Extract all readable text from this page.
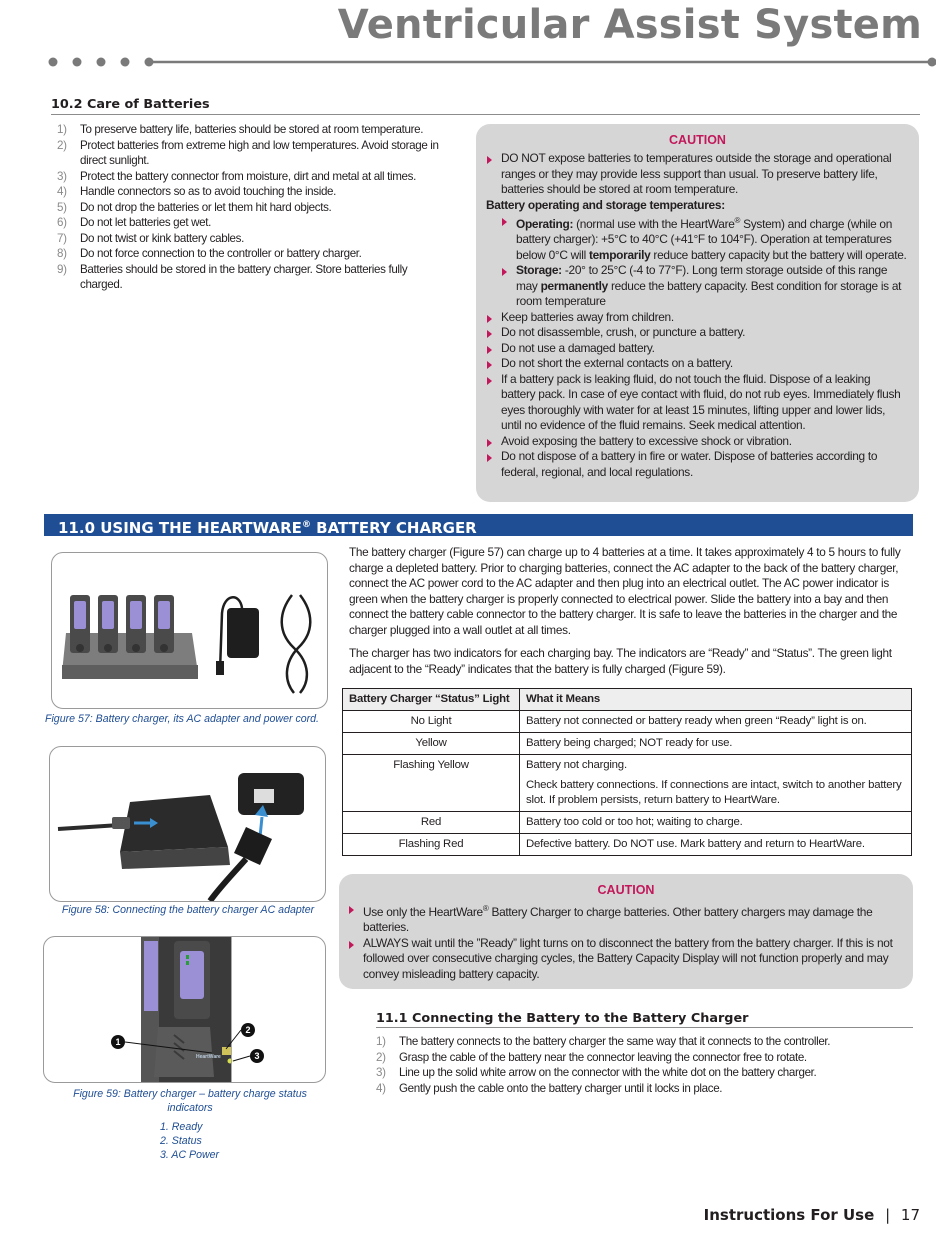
Ventricular Assist System
10.2 Care of Batteries
1) To preserve battery life, batteries should be stored at room temperature.
2) Protect batteries from extreme high and low temperatures. Avoid storage in direct sunlight.
3) Protect the battery connector from moisture, dirt and metal at all times.
4) Handle connectors so as to avoid touching the inside.
5) Do not drop the batteries or let them hit hard objects.
6) Do not let batteries get wet.
7) Do not twist or kink battery cables.
8) Do not force connection to the controller or battery charger.
9) Batteries should be stored in the battery charger. Store batteries fully charged.
CAUTION
DO NOT expose batteries to temperatures outside the storage and operational ranges or they may provide less support than usual. To preserve battery life, batteries should be stored at room temperature.
Battery operating and storage temperatures:
Operating: (normal use with the HeartWare® System) and charge (while on battery charger): +5°C to 40°C (+41°F to 104°F). Operation at temperatures below 0°C will temporarily reduce battery capacity but the battery will operate.
Storage: -20° to 25°C (-4 to 77°F). Long term storage outside of this range may permanently reduce the battery capacity. Best condition for storage is at room temperature
Keep batteries away from children.
Do not disassemble, crush, or puncture a battery.
Do not use a damaged battery.
Do not short the external contacts on a battery.
If a battery pack is leaking fluid, do not touch the fluid. Dispose of a leaking battery pack. In case of eye contact with fluid, do not rub eyes. Immediately flush eyes thoroughly with water for at least 15 minutes, lifting upper and lower lids, until no evidence of the fluid remains. Seek medical attention.
Avoid exposing the battery to excessive shock or vibration.
Do not dispose of a battery in fire or water. Dispose of batteries according to federal, regional, and local regulations.
11.0 USING THE HEARTWARE® BATTERY CHARGER
Figure 57: Battery charger, its AC adapter and power cord.
Figure 58: Connecting the battery charger AC adapter
1
2
3
HeartWare
Figure 59: Battery charger – battery charge status indicators
1. Ready
2. Status
3. AC Power
The battery charger (Figure 57) can charge up to 4 batteries at a time. It takes approximately 4 to 5 hours to fully charge a depleted battery. Prior to charging batteries, connect the AC adapter to the back of the battery charger, connect the AC power cord to the AC adapter and then plug into an electrical outlet. The AC power indicator is green when the battery charger is properly connected to electrical power. Slide the battery into a bay and then connect the battery cable connector to the battery charger. It is safe to leave the batteries in the charger and the charger plugged into a wall outlet at all times.
The charger has two indicators for each charging bay. The indicators are “Ready” and “Status”. The green light adjacent to the “Ready” indicates that the battery is fully charged (Figure 59).
Battery Charger “Status” Light	What it Means
No Light	Battery not connected or battery ready when green “Ready” light is on.
Yellow	Battery being charged; NOT ready for use.
Flashing Yellow	Battery not charging.
Check battery connections. If connections are intact, switch to another battery slot. If problem persists, return battery to HeartWare.

Red	Battery too cold or too hot; waiting to charge.
Flashing Red	Defective battery. Do NOT use. Mark battery and return to HeartWare.
CAUTION
Use only the HeartWare® Battery Charger to charge batteries. Other battery chargers may damage the batteries.
ALWAYS wait until the ”Ready” light turns on to disconnect the battery from the battery charger. If this is not followed over consecutive charging cycles, the Battery Capacity Display will not function properly and may convey misleading battery capacity.
11.1 Connecting the Battery to the Battery Charger
1) The battery connects to the battery charger the same way that it connects to the controller.
2) Grasp the cable of the battery near the connector leaving the connector free to rotate.
3) Line up the solid white arrow on the connector with the white dot on the battery charger.
4) Gently push the cable onto the battery charger until it locks in place.
Instructions For Use | 17
